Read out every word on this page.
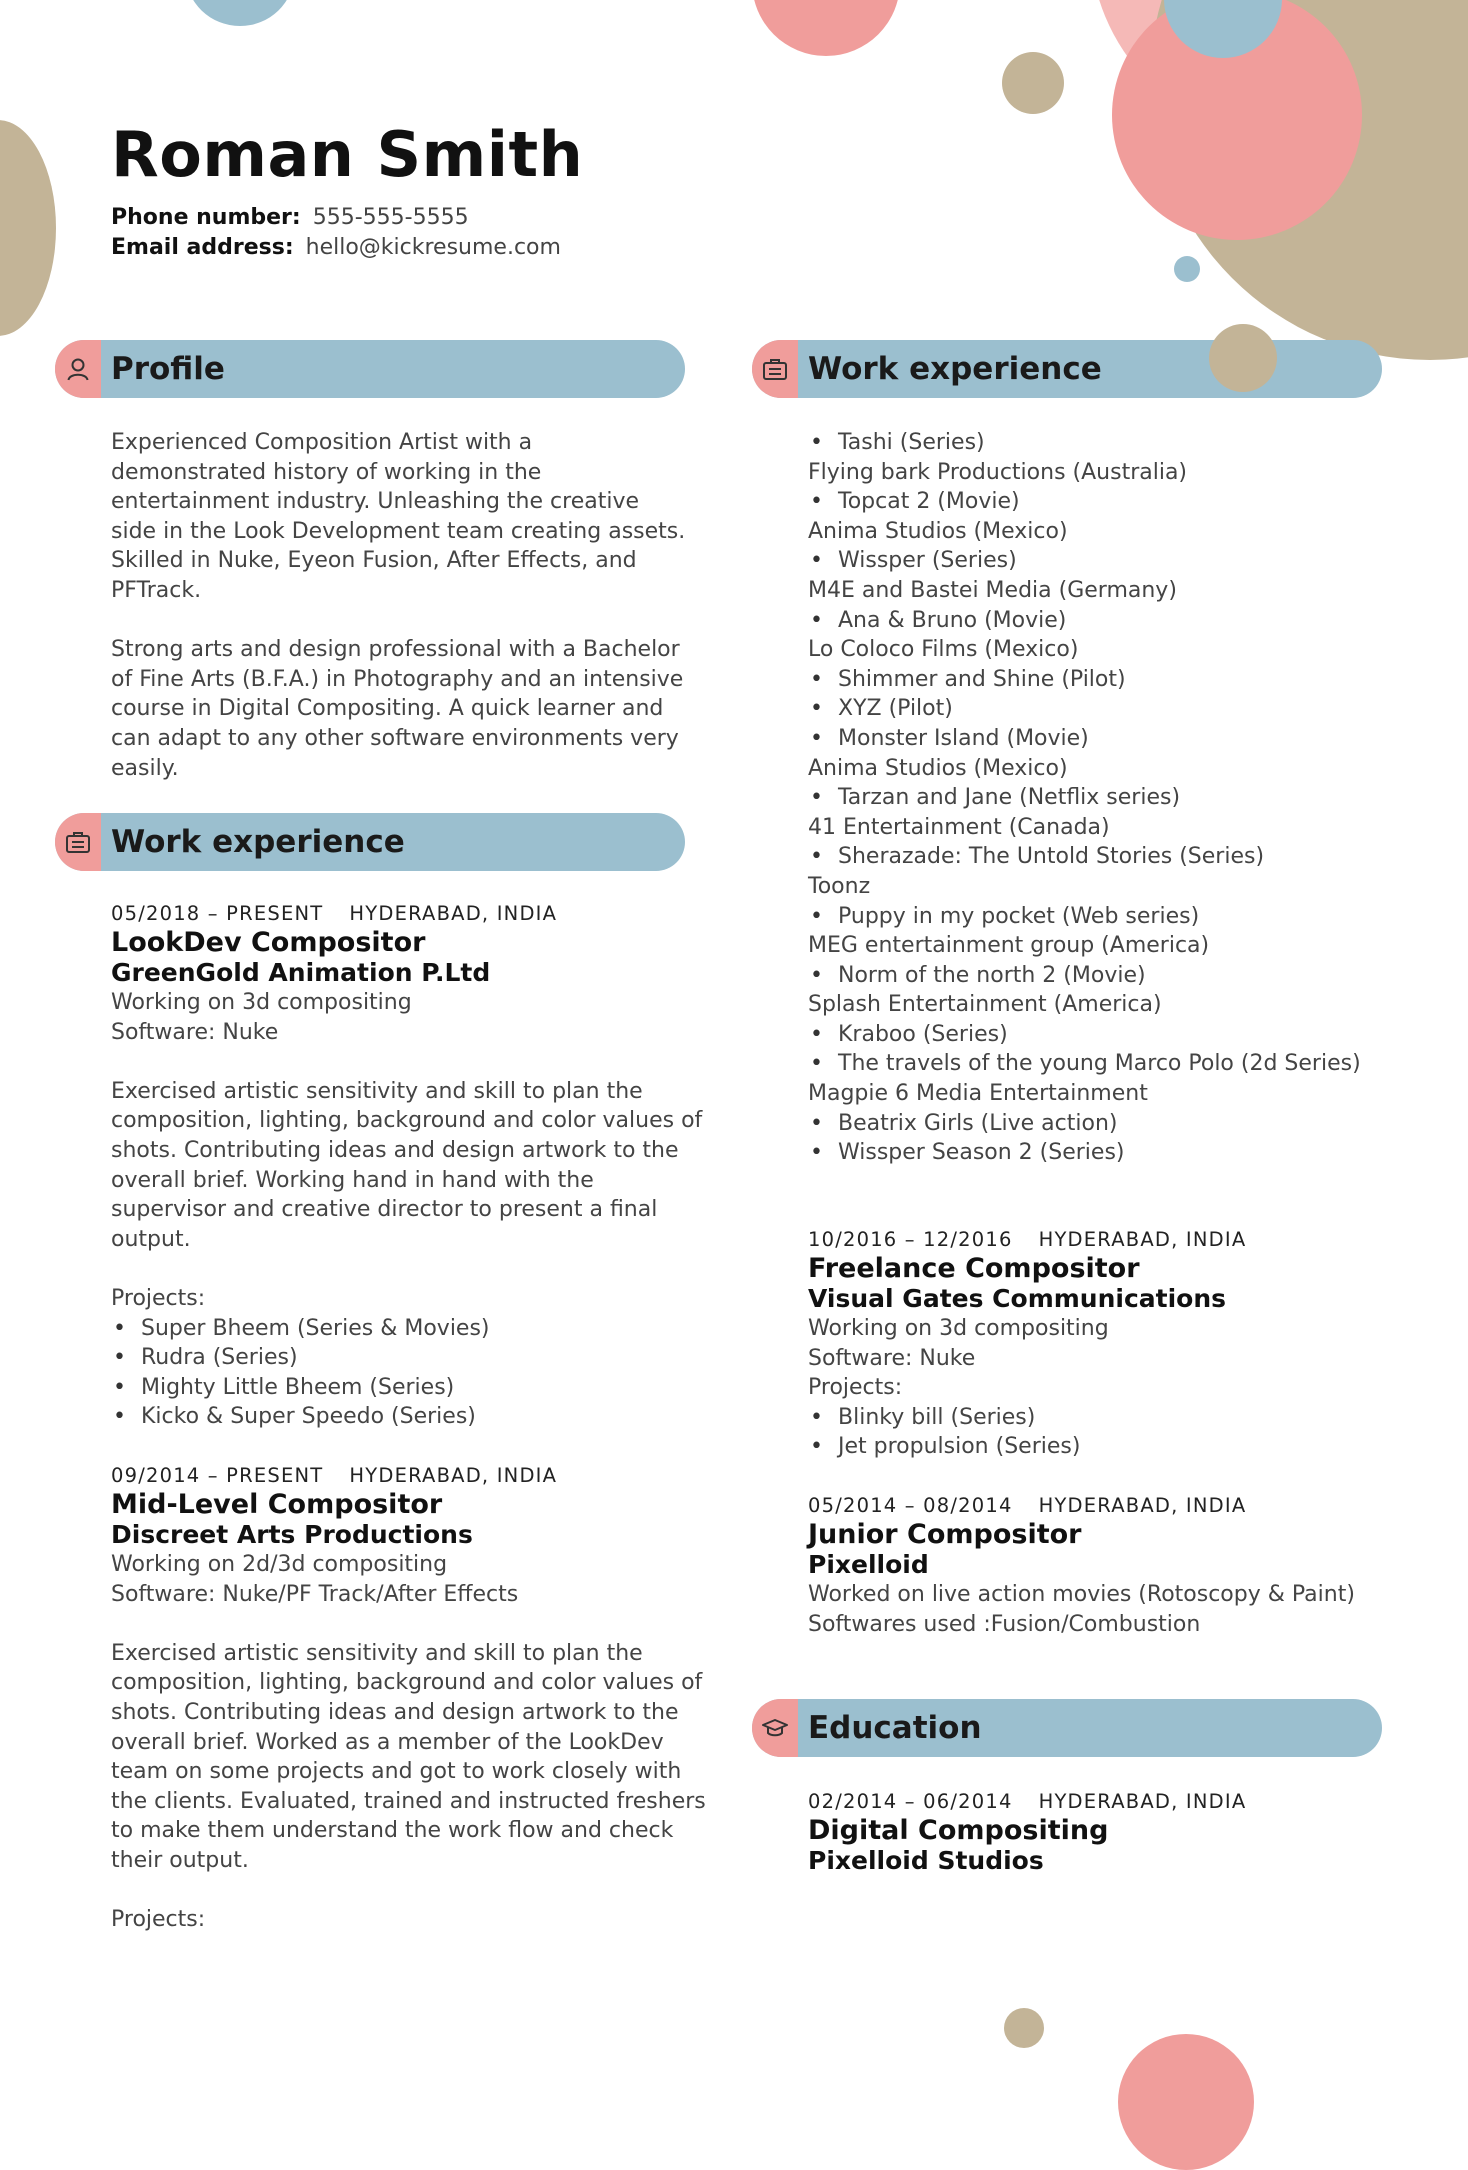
Roman Smith
Phone number: 555-555-5555
Email address: hello@kickresume.com
Profile

Experienced Composition Artist with a demonstrated history of working in the entertainment industry. Unleashing the creative side in the Look Development team creating assets. Skilled in Nuke, Eyeon Fusion, After Effects, and PFTrack.

Strong arts and design professional with a Bachelor of Fine Arts (B.F.A.) in Photography and an intensive course in Digital Compositing. A quick learner and can adapt to any other software environments very easily.

Work experience
05/2018 – PRESENT HYDERABAD, INDIA
LookDev Compositor
GreenGold Animation P.Ltd

Working on 3d compositing

Software: Nuke

Exercised artistic sensitivity and skill to plan the composition, lighting, background and color values of shots. Contributing ideas and design artwork to the overall brief. Working hand in hand with the supervisor and creative director to present a final output.

Projects:

• Super Bheem (Series & Movies)
• Rudra (Series)
• Mighty Little Bheem (Series)
• Kicko & Super Speedo (Series)
09/2014 – PRESENT HYDERABAD, INDIA
Mid-Level Compositor
Discreet Arts Productions

Working on 2d/3d compositing

Software: Nuke/PF Track/After Effects

Exercised artistic sensitivity and skill to plan the composition, lighting, background and color values of shots. Contributing ideas and design artwork to the overall brief. Worked as a member of the LookDev team on some projects and got to work closely with the clients. Evaluated, trained and instructed freshers to make them understand the work flow and check their output.

Projects:

Work experience
• Tashi (Series)

Flying bark Productions (Australia)

• Topcat 2 (Movie)

Anima Studios (Mexico)

• Wissper (Series)

M4E and Bastei Media (Germany)

• Ana & Bruno (Movie)

Lo Coloco Films (Mexico)

• Shimmer and Shine (Pilot)
• XYZ (Pilot)
• Monster Island (Movie)

Anima Studios (Mexico)

• Tarzan and Jane (Netflix series)

41 Entertainment (Canada)

• Sherazade: The Untold Stories (Series)

Toonz

• Puppy in my pocket (Web series)

MEG entertainment group (America)

• Norm of the north 2 (Movie)

Splash Entertainment (America)

• Kraboo (Series)
• The travels of the young Marco Polo (2d Series)

Magpie 6 Media Entertainment

• Beatrix Girls (Live action)
• Wissper Season 2 (Series)
10/2016 – 12/2016 HYDERABAD, INDIA
Freelance Compositor
Visual Gates Communications

Working on 3d compositing

Software: Nuke

Projects:

• Blinky bill (Series)
• Jet propulsion (Series)
05/2014 – 08/2014 HYDERABAD, INDIA
Junior Compositor
Pixelloid

Worked on live action movies (Rotoscopy & Paint)

Softwares used :Fusion/Combustion

Education
02/2014 – 06/2014 HYDERABAD, INDIA
Digital Compositing
Pixelloid Studios
